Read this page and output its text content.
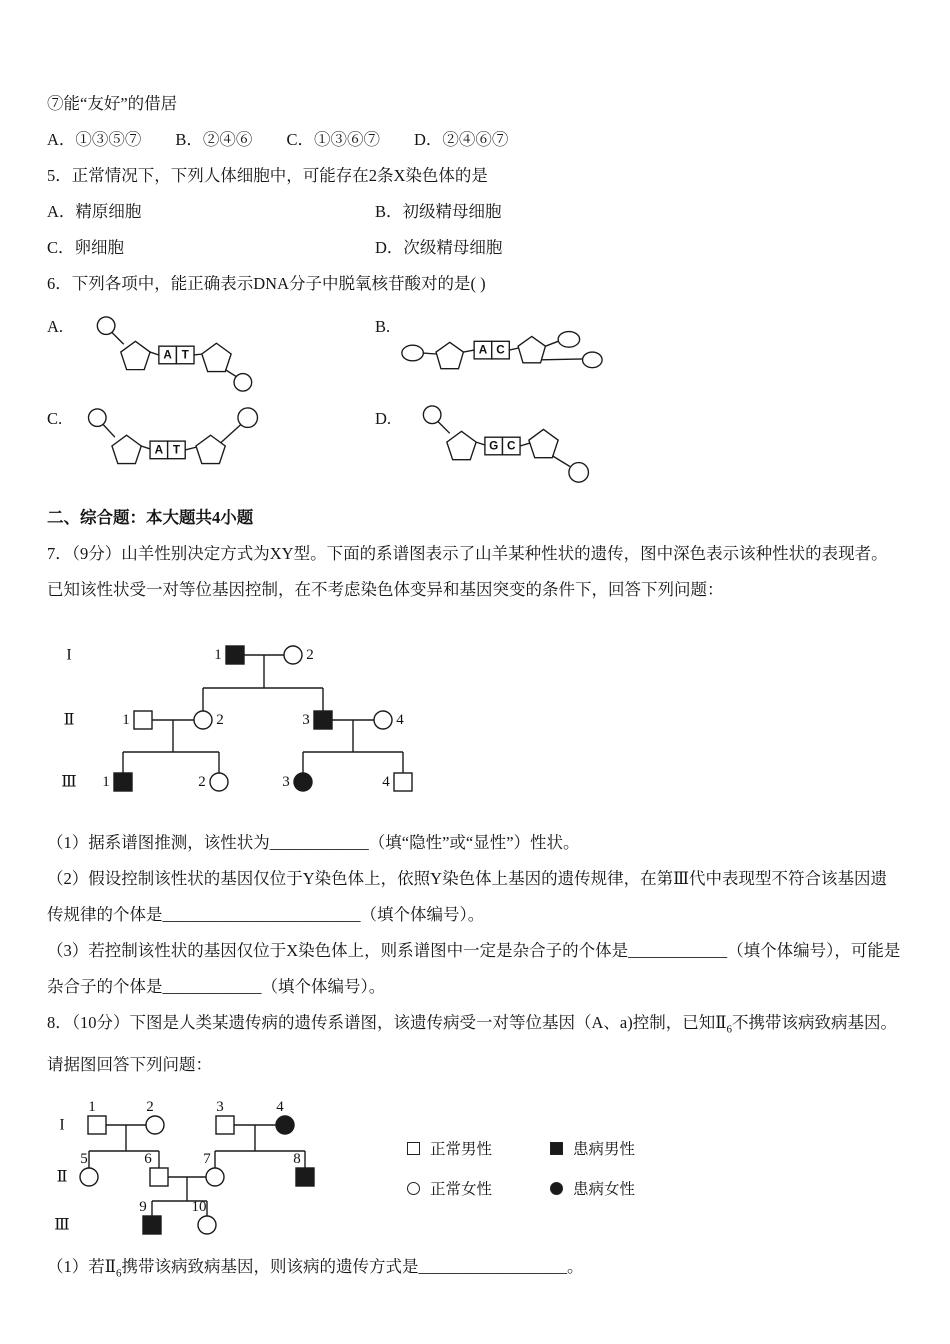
⑦能“友好”的借居

A．①③⑤⑦ B．②④⑥ C．①③⑥⑦ D．②④⑥⑦

5．正常情况下，下列人体细胞中，可能存在2条X染色体的是

A．精原细胞	B．初级精母细胞
C．卵细胞	D．次级精母细胞

6．下列各项中，能正确表示DNA分子中脱氧核苷酸对的是( )

A.
A T
B.
A C
C.
A T
D.
G C

二、综合题：本大题共4小题

7．（9分）山羊性别决定方式为XY型。下面的系谱图表示了山羊某种性状的遗传，图中深色表示该种性状的表现者。

已知该性状受一对等位基因控制，在不考虑染色体变异和基因突变的条件下，回答下列问题：

1	2
1	2	3	4
1	2	3	4
I
Ⅱ
Ⅲ

（1）据系谱图推测，该性状为____________（填“隐性”或“显性”）性状。

（2）假设控制该性状的基因仅位于Y染色体上，依照Y染色体上基因的遗传规律，在第Ⅲ代中表现型不符合该基因遗传规律的个体是________________________（填个体编号）。

（3）若控制该性状的基因仅位于X染色体上，则系谱图中一定是杂合子的个体是____________（填个体编号），可能是杂合子的个体是____________（填个体编号）。

8．（10分）下图是人类某遗传病的遗传系谱图，该遗传病受一对等位基因（A、a)控制，已知$Ⅱ_6$不携带该病致病基因。请据图回答下列问题：

1	2	3	4
5	6	7	8
9	10
I
Ⅱ
Ⅲ
正常男性	患病男性
正常女性	患病女性

（1）若$Ⅱ_6$携带该病致病基因，则该病的遗传方式是__________________。
